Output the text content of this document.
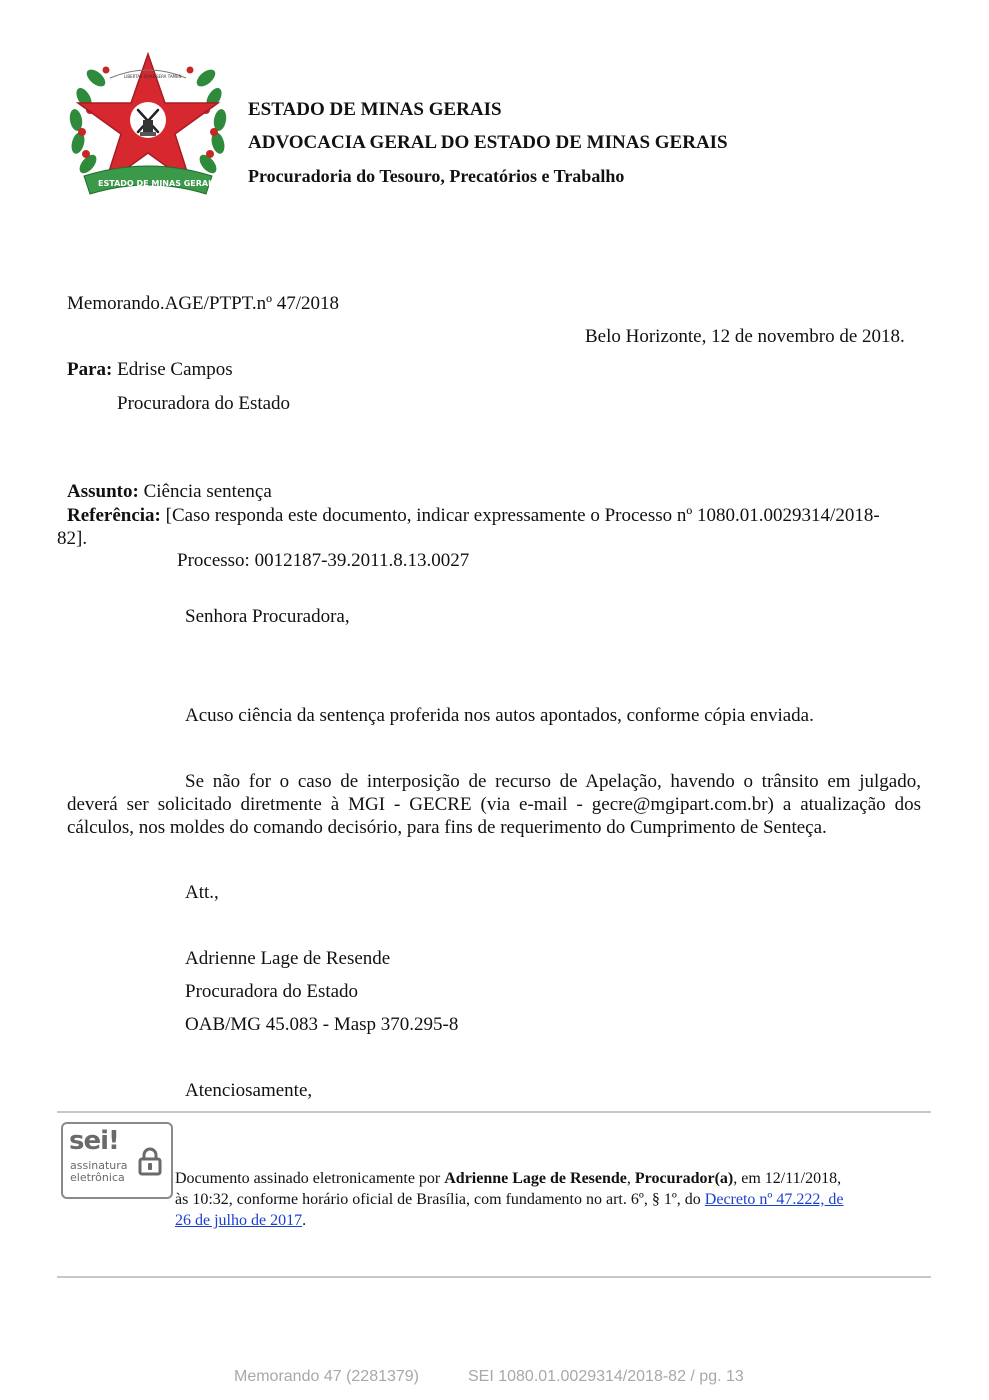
LIBERTAS QUAE SERA TAMEN
ESTADO DE MINAS GERAIS
ESTADO DE MINAS GERAIS
ADVOCACIA GERAL DO ESTADO DE MINAS GERAIS
Procuradoria do Tesouro, Precatórios e Trabalho
Memorando.AGE/PTPT.nº 47/2018
Belo Horizonte, 12 de novembro de 2018.
Para: Edrise Campos
Procuradora do Estado
Assunto: Ciência sentença
Referência: [Caso responda este documento, indicar expressamente o Processo nº 1080.01.0029314/2018-
82].
Processo: 0012187-39.2011.8.13.0027
Senhora Procuradora,
Acuso ciência da sentença proferida nos autos apontados, conforme cópia enviada.
Se não for o caso de interposição de recurso de Apelação, havendo o trânsito em julgado,
deverá ser solicitado diretmente à MGI - GECRE (via e-mail - gecre@mgipart.com.br) a atualização dos
cálculos, nos moldes do comando decisório, para fins de requerimento do Cumprimento de Senteça.
Att.,
Adrienne Lage de Resende
Procuradora do Estado
OAB/MG 45.083 - Masp 370.295-8
Atenciosamente,
sei!
assinatura
eletrônica	Documento assinado eletronicamente por Adrienne Lage de Resende, Procurador(a), em 12/11/2018,
às 10:32, conforme horário oficial de Brasília, com fundamento no art. 6º, § 1º, do Decreto nº 47.222, de
26 de julho de 2017.
Memorando 47 (2281379)	SEI 1080.01.0029314/2018-82 / pg. 13
